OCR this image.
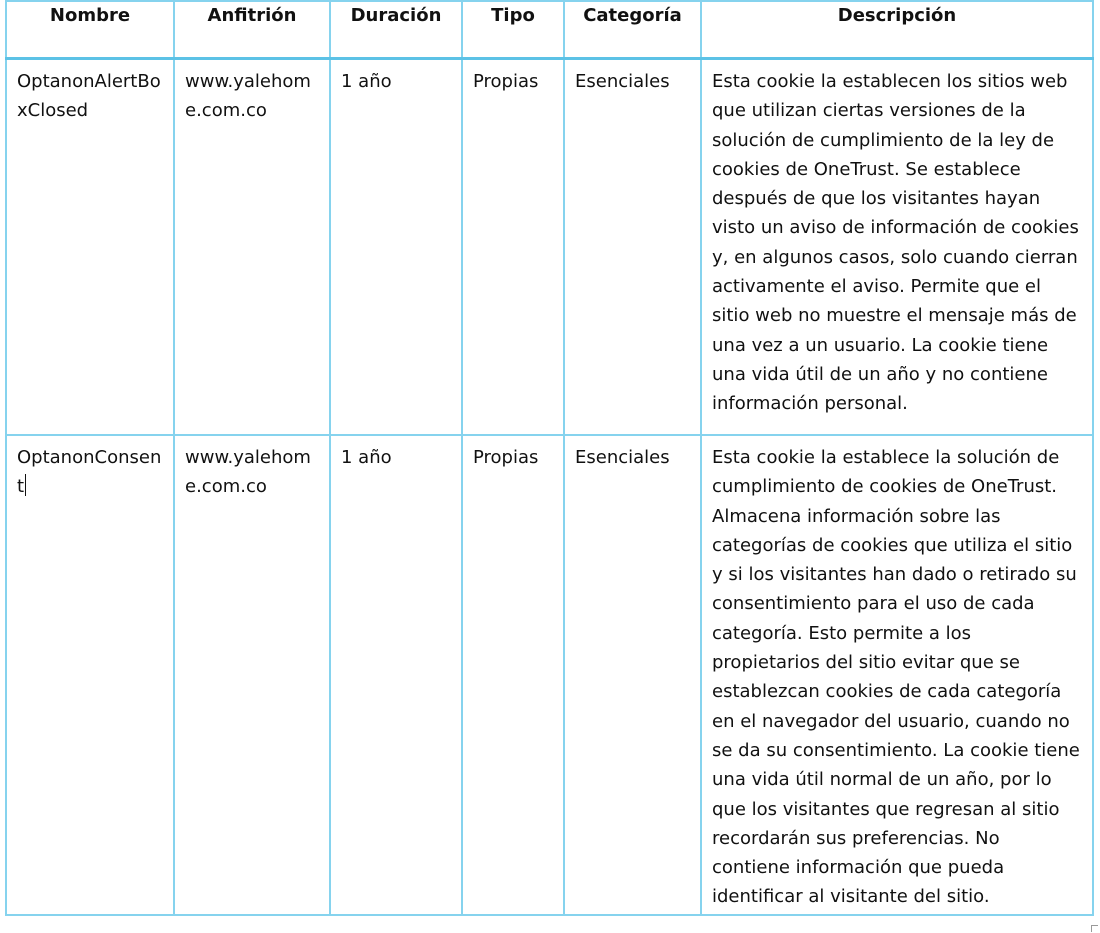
Nombre	Anfitrión	Duración	Tipo	Categoría	Descripción
OptanonAlertBoxClosed	www.yalehome.com.co	1 año	Propias	Esenciales	Esta cookie la establecen los sitios web que utilizan ciertas versiones de la solución de cumplimiento de la ley de cookies de OneTrust. Se establece después de que los visitantes hayan visto un aviso de información de cookies y, en algunos casos, solo cuando cierran activamente el aviso. Permite que el sitio web no muestre el mensaje más de una vez a un usuario. La cookie tiene una vida útil de un año y no contiene información personal.
OptanonConsent	www.yalehome.com.co	1 año	Propias	Esenciales	Esta cookie la establece la solución de cumplimiento de cookies de OneTrust. Almacena información sobre las categorías de cookies que utiliza el sitio y si los visitantes han dado o retirado su consentimiento para el uso de cada categoría. Esto permite a los propietarios del sitio evitar que se establezcan cookies de cada categoría en el navegador del usuario, cuando no se da su consentimiento. La cookie tiene una vida útil normal de un año, por lo que los visitantes que regresan al sitio recordarán sus preferencias. No contiene información que pueda identificar al visitante del sitio.
